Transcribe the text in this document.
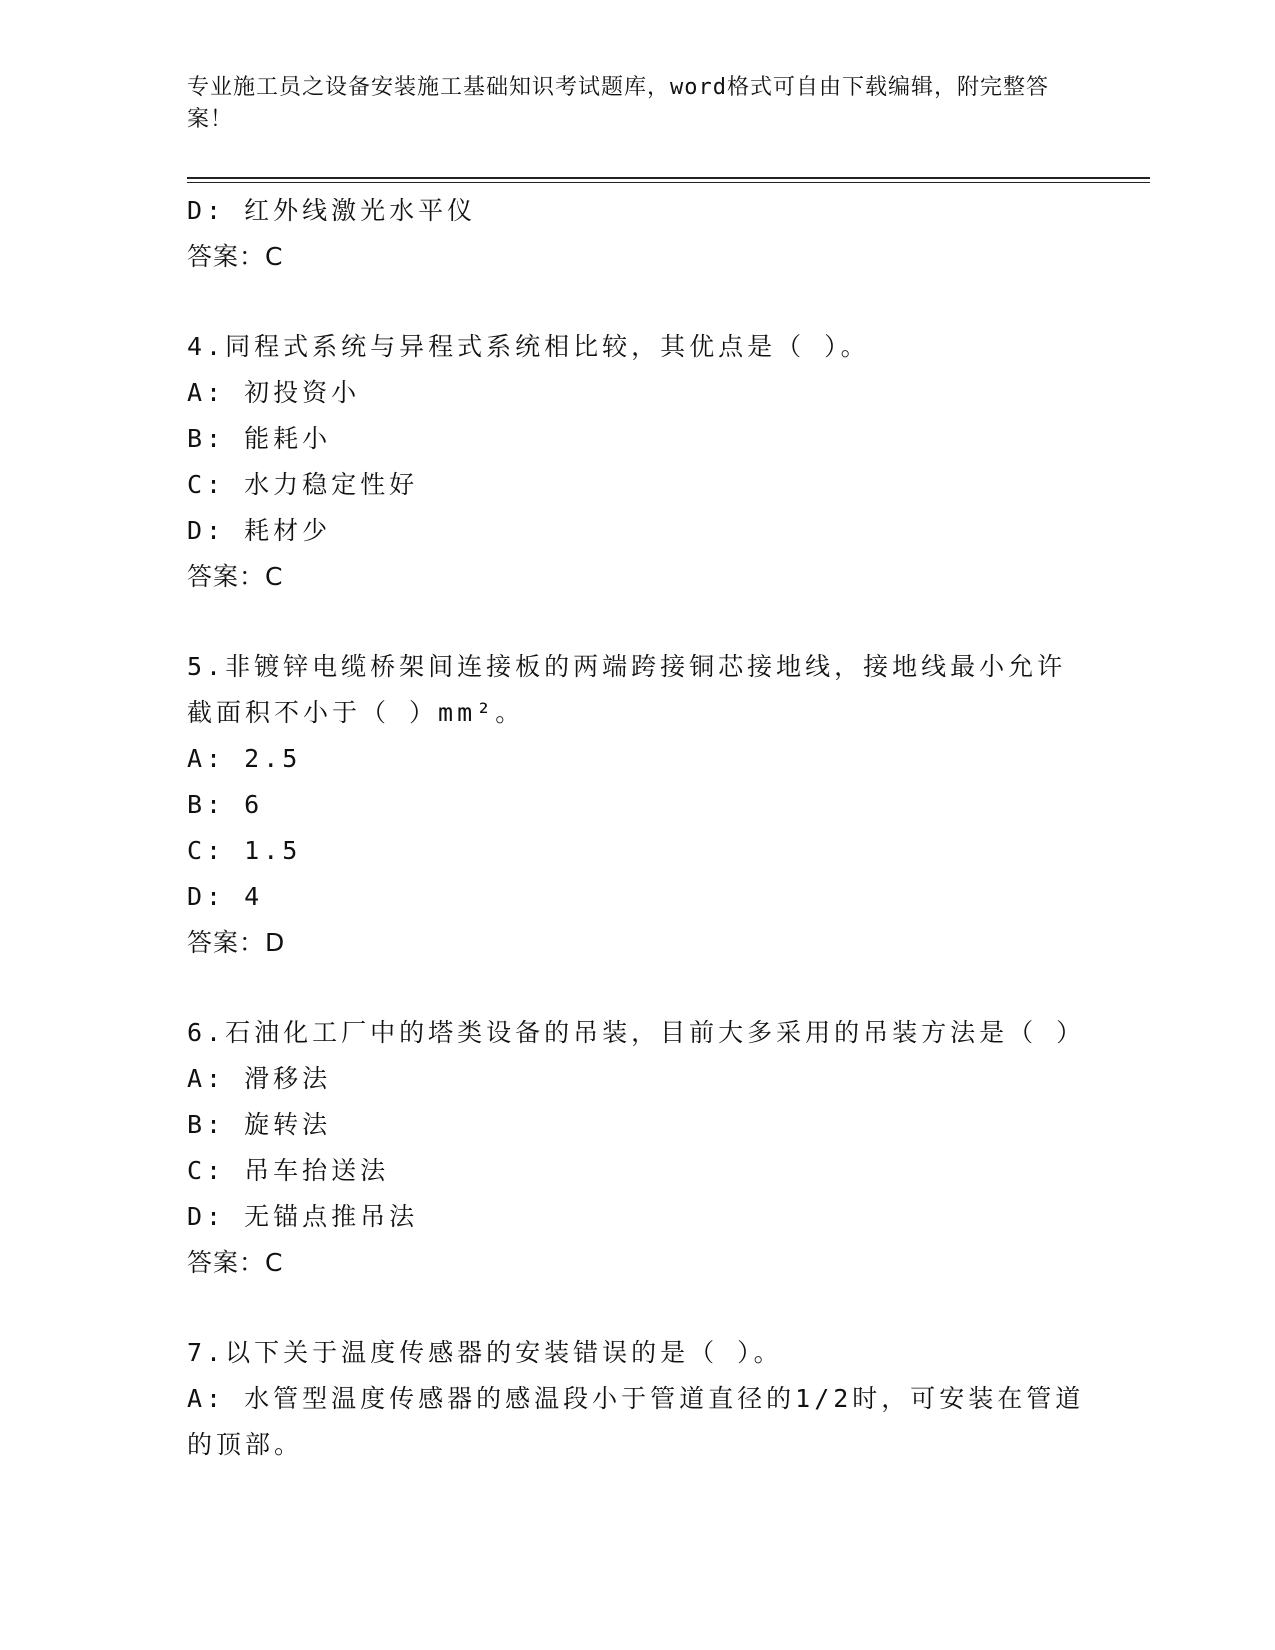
专业施工员之设备安装施工基础知识考试题库，word格式可自由下载编辑，附完整答案！
D: 红外线激光水平仪
答案：C
4.同程式系统与异程式系统相比较，其优点是（ ）。
A: 初投资小
B: 能耗小
C: 水力稳定性好
D: 耗材少
答案：C
5.非镀锌电缆桥架间连接板的两端跨接铜芯接地线，接地线最小允许
截面积不小于（ ）mm²。
A: 2.5
B: 6
C: 1.5
D: 4
答案：D
6.石油化工厂中的塔类设备的吊装，目前大多采用的吊装方法是（ ）
A: 滑移法
B: 旋转法
C: 吊车抬送法
D: 无锚点推吊法
答案：C
7.以下关于温度传感器的安装错误的是（ ）。
A: 水管型温度传感器的感温段小于管道直径的1/2时，可安装在管道
的顶部。
